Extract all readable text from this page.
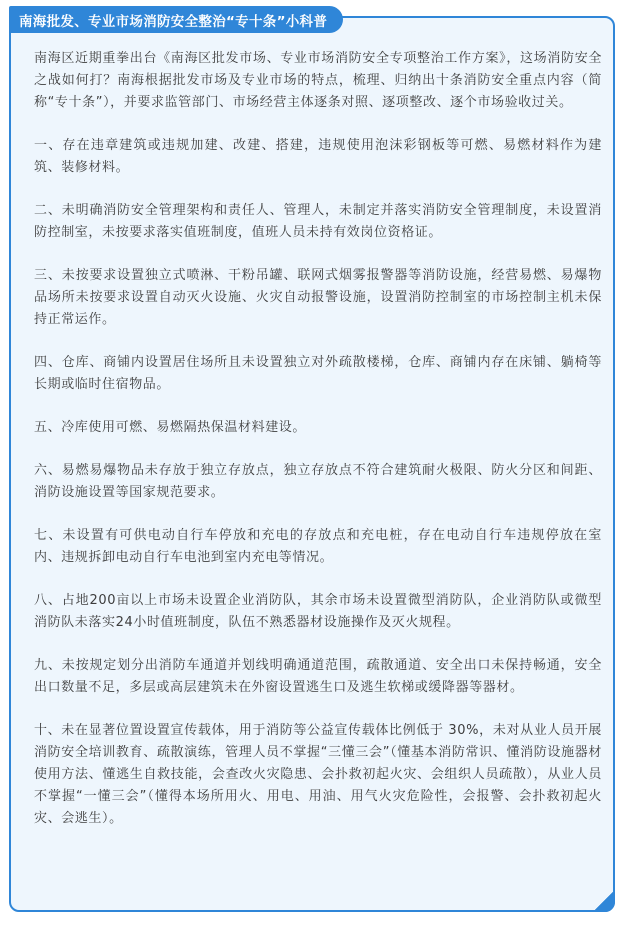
南海批发、专业市场消防安全整治“专十条”小科普

南海区近期重拳出台《南海区批发市场、专业市场消防安全专项整治工作方案》，这场消防安全之战如何打？南海根据批发市场及专业市场的特点，梳理、归纳出十条消防安全重点内容（简称“专十条”），并要求监管部门、市场经营主体逐条对照、逐项整改、逐个市场验收过关。

一、存在违章建筑或违规加建、改建、搭建，违规使用泡沫彩钢板等可燃、易燃材料作为建筑、装修材料。

二、未明确消防安全管理架构和责任人、管理人，未制定并落实消防安全管理制度，未设置消防控制室，未按要求落实值班制度，值班人员未持有效岗位资格证。

三、未按要求设置独立式喷淋、干粉吊罐、联网式烟雾报警器等消防设施，经营易燃、易爆物品场所未按要求设置自动灭火设施、火灾自动报警设施，设置消防控制室的市场控制主机未保持正常运作。

四、仓库、商铺内设置居住场所且未设置独立对外疏散楼梯，仓库、商铺内存在床铺、躺椅等长期或临时住宿物品。

五、冷库使用可燃、易燃隔热保温材料建设。

六、易燃易爆物品未存放于独立存放点，独立存放点不符合建筑耐火极限、防火分区和间距、消防设施设置等国家规范要求。

七、未设置有可供电动自行车停放和充电的存放点和充电桩，存在电动自行车违规停放在室内、违规拆卸电动自行车电池到室内充电等情况。

八、占地200亩以上市场未设置企业消防队，其余市场未设置微型消防队，企业消防队或微型消防队未落实24小时值班制度，队伍不熟悉器材设施操作及灭火规程。

九、未按规定划分出消防车通道并划线明确通道范围，疏散通道、安全出口未保持畅通，安全出口数量不足，多层或高层建筑未在外窗设置逃生口及逃生软梯或缓降器等器材。

十、未在显著位置设置宣传载体，用于消防等公益宣传载体比例低于 30%，未对从业人员开展消防安全培训教育、疏散演练，管理人员不掌握“三懂三会”（懂基本消防常识、懂消防设施器材使用方法、懂逃生自救技能，会查改火灾隐患、会扑救初起火灾、会组织人员疏散），从业人员不掌握“一懂三会”（懂得本场所用火、用电、用油、用气火灾危险性，会报警、会扑救初起火灾、会逃生）。
